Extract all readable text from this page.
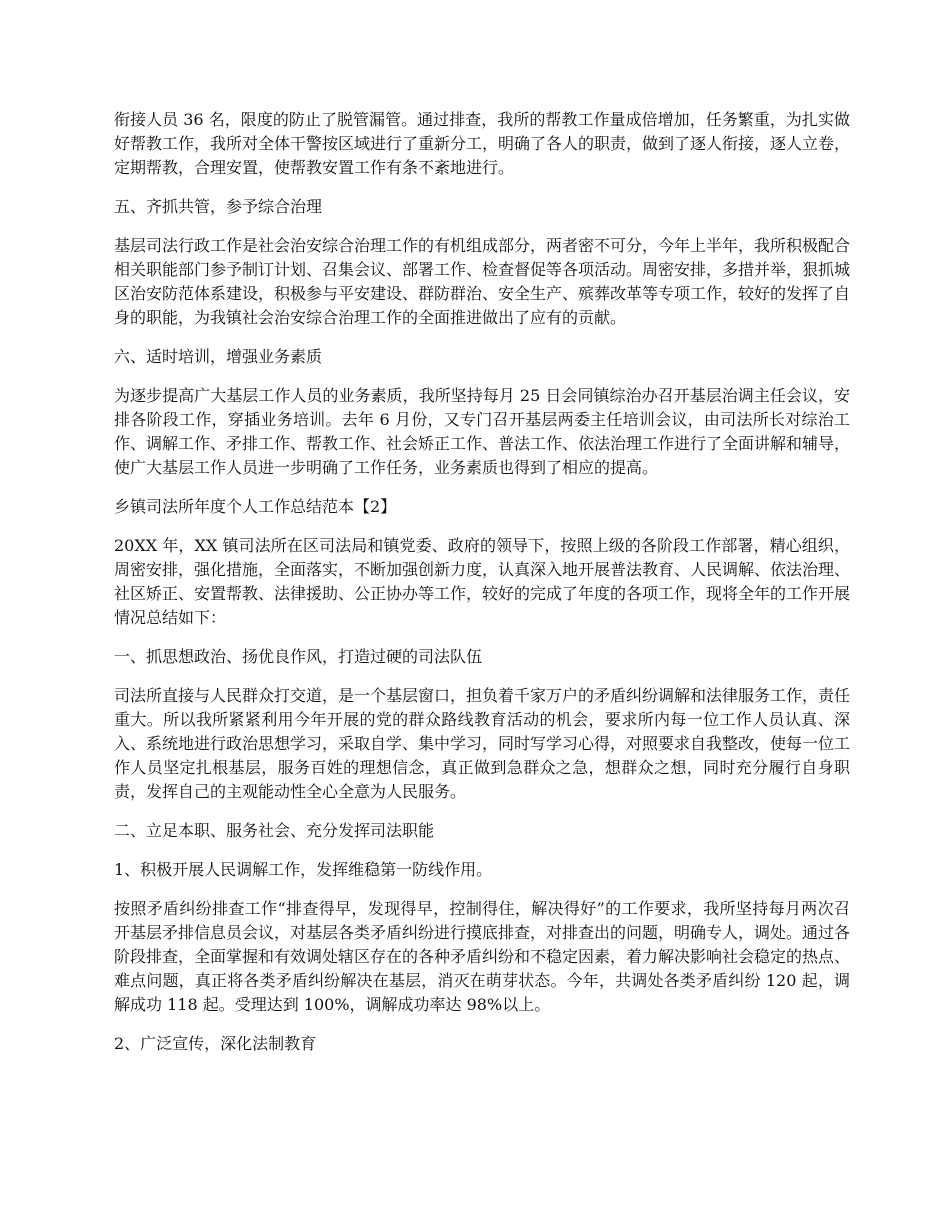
衔接人员 36 名，限度的防止了脱管漏管。通过排查，我所的帮教工作量成倍增加，任务繁重，为扎实做好帮教工作，我所对全体干警按区域进行了重新分工，明确了各人的职责，做到了逐人衔接，逐人立卷，定期帮教，合理安置，使帮教安置工作有条不紊地进行。

五、齐抓共管，参予综合治理

基层司法行政工作是社会治安综合治理工作的有机组成部分，两者密不可分，今年上半年，我所积极配合相关职能部门参予制订计划、召集会议、部署工作、检查督促等各项活动。周密安排，多措并举，狠抓城区治安防范体系建设，积极参与平安建设、群防群治、安全生产、殡葬改革等专项工作，较好的发挥了自身的职能，为我镇社会治安综合治理工作的全面推进做出了应有的贡献。

六、适时培训，增强业务素质

为逐步提高广大基层工作人员的业务素质，我所坚持每月 25 日会同镇综治办召开基层治调主任会议，安排各阶段工作，穿插业务培训。去年 6 月份，又专门召开基层两委主任培训会议，由司法所长对综治工作、调解工作、矛排工作、帮教工作、社会矫正工作、普法工作、依法治理工作进行了全面讲解和辅导，使广大基层工作人员进一步明确了工作任务，业务素质也得到了相应的提高。

乡镇司法所年度个人工作总结范本【2】

20XX 年，XX 镇司法所在区司法局和镇党委、政府的领导下，按照上级的各阶段工作部署，精心组织，周密安排，强化措施，全面落实，不断加强创新力度，认真深入地开展普法教育、人民调解、依法治理、社区矫正、安置帮教、法律援助、公正协办等工作，较好的完成了年度的各项工作，现将全年的工作开展情况总结如下：

一、抓思想政治、扬优良作风，打造过硬的司法队伍

司法所直接与人民群众打交道，是一个基层窗口，担负着千家万户的矛盾纠纷调解和法律服务工作，责任重大。所以我所紧紧利用今年开展的党的群众路线教育活动的机会，要求所内每一位工作人员认真、深入、系统地进行政治思想学习，采取自学、集中学习，同时写学习心得，对照要求自我整改，使每一位工作人员坚定扎根基层，服务百姓的理想信念，真正做到急群众之急，想群众之想，同时充分履行自身职责，发挥自己的主观能动性全心全意为人民服务。

二、立足本职、服务社会、充分发挥司法职能

1、积极开展人民调解工作，发挥维稳第一防线作用。

按照矛盾纠纷排查工作“排查得早，发现得早，控制得住，解决得好”的工作要求，我所坚持每月两次召开基层矛排信息员会议，对基层各类矛盾纠纷进行摸底排查，对排查出的问题，明确专人，调处。通过各阶段排查，全面掌握和有效调处辖区存在的各种矛盾纠纷和不稳定因素，着力解决影响社会稳定的热点、难点问题，真正将各类矛盾纠纷解决在基层，消灭在萌芽状态。今年，共调处各类矛盾纠纷 120 起，调解成功 118 起。受理达到 100%，调解成功率达 98%以上。

2、广泛宣传，深化法制教育
